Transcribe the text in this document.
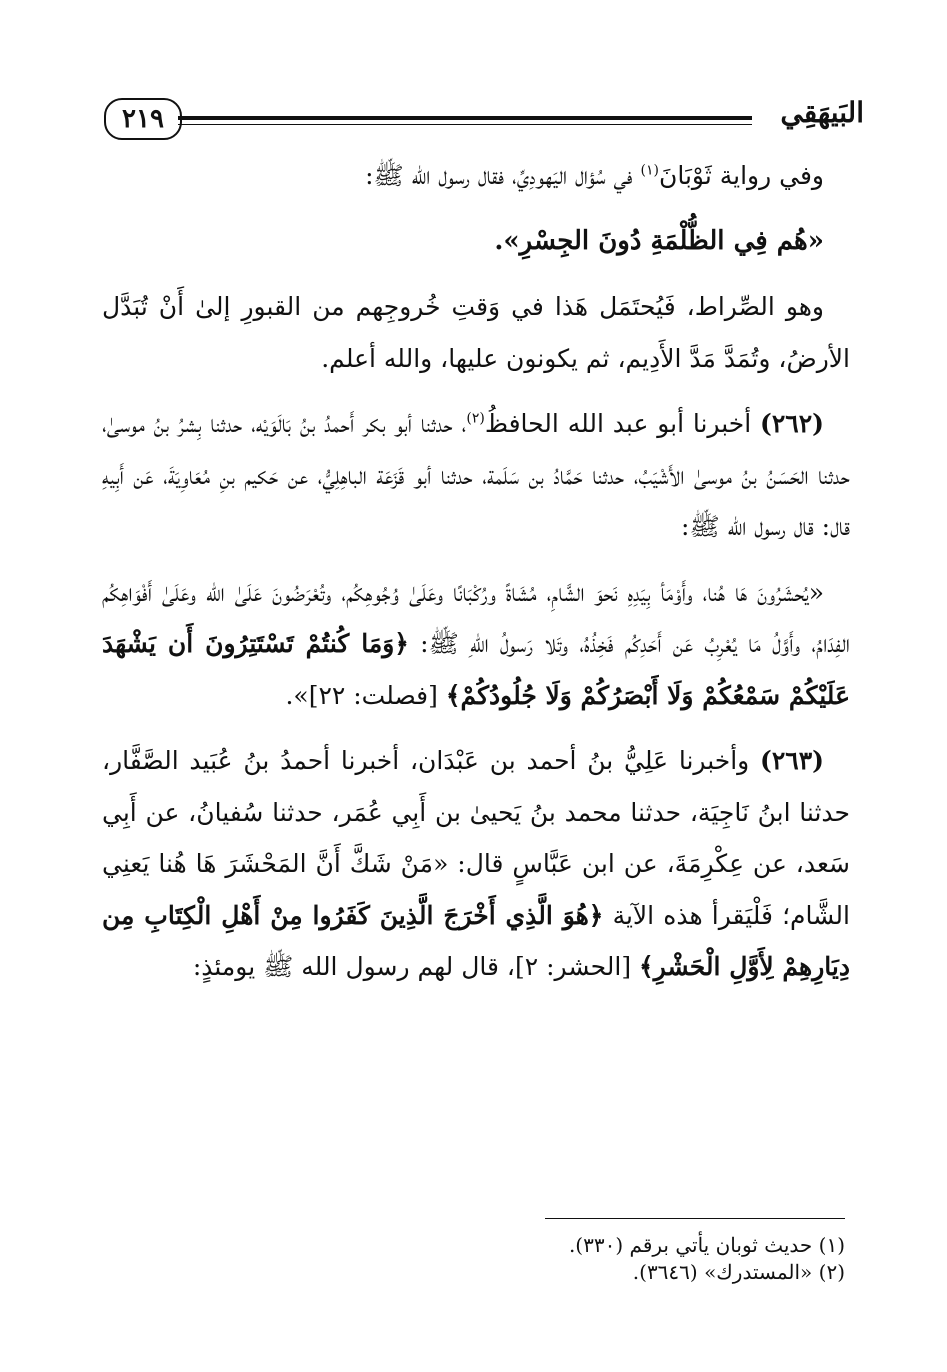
٢١٩	البَيهَقِي

وفي رواية ثَوْبَانَ$^{(١)}$ في سُؤال اليَهودِيِّ، فقال رسول الله ﷺ:

«هُم فِي الظُّلْمَةِ دُونَ الجِسْرِ».

وهو الصِّراط، فَيُحتَمَل هَذا في وَقتِ خُروجِهم من القبورِ إلىٰ أَنْ تُبَدَّل الأرضُ، وتُمَدَّ مَدَّ الأَدِيم، ثم يكونون عليها، والله أعلم.

(٢٦٢) أخبرنا أبو عبد الله الحافظُ$^{(٢)}$، حدثنا أبو بكر أَحمدُ بنُ بَالَوَيْه، حدثنا بِشرُ بنُ موسىٰ، حدثنا الحَسَنُ بنُ موسىٰ الأَشْيَبُ، حدثنا حَمَّادُ بن سَلَمة، حدثنا أبو قَزَعَة الباهِلِيُّ، عن حَكيم بنِ مُعَاوِيَةَ، عَن أَبِيهِ قال: قال رسول الله ﷺ:

«يُحشَرُونَ هَا هُنا، وأَوْمَأ بِيَدِهِ نَحوَ الشَّامِ، مُشَاةً ورُكْبَانًا وعَلَىٰ وُجُوهِكُم، وتُعْرَضُونَ عَلَىٰ الله وعَلَىٰ أَفْوَاهِكُم الفِدَامُ، وأَوَّلُ مَا يُعْرِبُ عَن أَحَدِكُم فَخِذُهُ، وتَلا رَسولُ اللهِ ﷺ: ﴿وَمَا كُنتُمْ تَسْتَتِرُونَ أَن يَشْهَدَ عَلَيْكُمْ سَمْعُكُمْ وَلَا أَبْصَرُكُمْ وَلَا جُلُودُكُمْ﴾ [فصلت: ٢٢]».

(٢٦٣) وأخبرنا عَلِيُّ بنُ أحمد بن عَبْدَان، أخبرنا أحمدُ بنُ عُبَيد الصَّفَّار، حدثنا ابنُ نَاجِيَة، حدثنا محمد بنُ يَحيىٰ بن أَبِي عُمَر، حدثنا سُفيانُ، عن أَبِي سَعد، عن عِكْرِمَةَ، عن ابن عَبَّاسٍ قال: «مَنْ شَكَّ أَنَّ المَحْشَرَ هَا هُنا يَعنِي الشَّام؛ فَلْيَقرأ هذه الآية ﴿هُوَ الَّذِي أَخْرَجَ الَّذِينَ كَفَرُوا مِنْ أَهْلِ الْكِتَابِ مِن دِيَارِهِمْ لِأَوَّلِ الْحَشْرِ﴾ [الحشر: ٢]، قال لهم رسول الله ﷺ يومئذٍ:

(١) حديث ثوبان يأتي برقم (٣٣٠).
(٢) «المستدرك» (٣٦٤٦).
